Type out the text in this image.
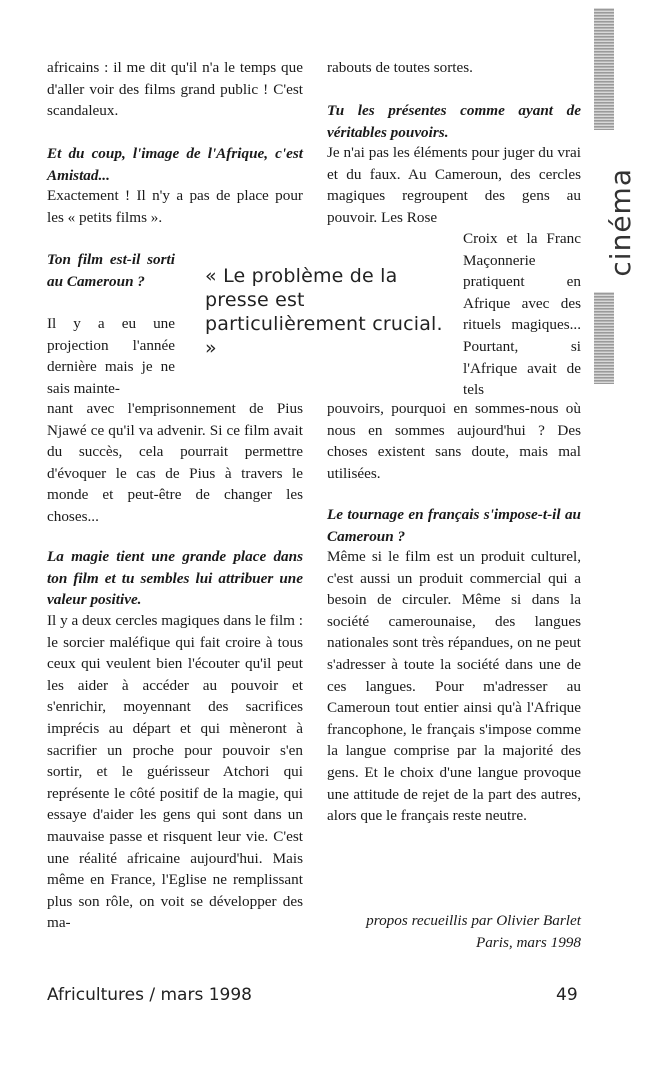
cinéma
africains : il me dit qu'il n'a le temps que d'aller voir des films grand public ! C'est scandaleux.
Et du coup, l'image de l'Afrique, c'est Amistad...
Exactement ! Il n'y a pas de place pour les « petits films ».
Ton film est-il sorti au Cameroun ?
Il y a eu une projection l'année dernière mais je ne sais mainte-
nant avec l'emprisonnement de Pius Njawé ce qu'il va advenir. Si ce film avait du succès, cela pourrait permettre d'évoquer le cas de Pius à travers le monde et peut-être de changer les choses...
La magie tient une grande place dans ton film et tu sembles lui attribuer une valeur positive.
Il y a deux cercles magiques dans le film : le sorcier maléfique qui fait croire à tous ceux qui veulent bien l'écouter qu'il peut les aider à accéder au pouvoir et s'enrichir, moyennant des sacrifices imprécis au départ et qui mèneront à sacrifier un proche pour pouvoir s'en sortir, et le guérisseur Atchori qui représente le côté positif de la magie, qui essaye d'aider les gens qui sont dans un mauvaise passe et risquent leur vie. C'est une réalité africaine aujourd'hui. Mais même en France, l'Eglise ne remplissant plus son rôle, on voit se développer des ma-
« Le problème de la presse est particulièrement crucial. »
rabouts de toutes sortes.
Tu les présentes comme ayant de véritables pouvoirs.
Je n'ai pas les éléments pour juger du vrai et du faux. Au Cameroun, des cercles magiques regroupent des gens au pouvoir. Les Rose
Croix et la Franc Maçonnerie pratiquent en Afrique avec des rituels magiques... Pourtant, si l'Afrique avait de tels
pouvoirs, pourquoi en sommes-nous où nous en sommes aujourd'hui ? Des choses existent sans doute, mais mal utilisées.
Le tournage en français s'impose-t-il au Cameroun ?
Même si le film est un produit culturel, c'est aussi un produit commercial qui a besoin de circuler. Même si dans la société camerounaise, des langues nationales sont très répandues, on ne peut s'adresser à toute la société dans une de ces langues. Pour m'adresser au Cameroun tout entier ainsi qu'à l'Afrique francophone, le français s'impose comme la langue comprise par la majorité des gens. Et le choix d'une langue provoque une attitude de rejet de la part des autres, alors que le français reste neutre.

propos recueillis par Olivier Barlet

Paris, mars 1998

Africultures / mars 1998	49
